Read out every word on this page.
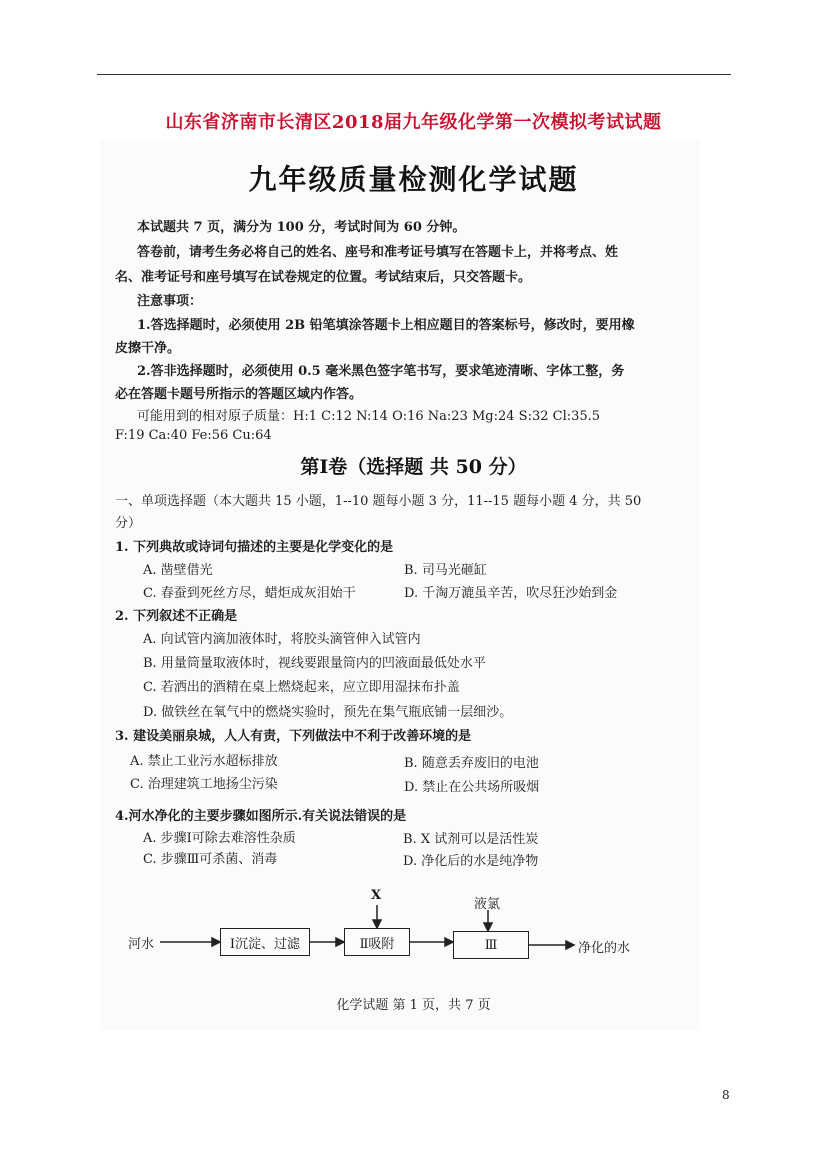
山东省济南市长清区2018届九年级化学第一次模拟考试试题
九年级质量检测化学试题
本试题共 7 页，满分为 100 分，考试时间为 60 分钟。
答卷前，请考生务必将自己的姓名、座号和准考证号填写在答题卡上，并将考点、姓
名、准考证号和座号填写在试卷规定的位置。考试结束后，只交答题卡。
注意事项：
1.答选择题时，必须使用 2B 铅笔填涂答题卡上相应题目的答案标号，修改时，要用橡
皮擦干净。
2.答非选择题时，必须使用 0.5 毫米黑色签字笔书写，要求笔迹清晰、字体工整，务
必在答题卡题号所指示的答题区域内作答。
可能用到的相对原子质量：H:1 C:12 N:14 O:16 Na:23 Mg:24 S:32 Cl:35.5
F:19 Ca:40 Fe:56 Cu:64
第Ⅰ卷（选择题 共 50 分）
一、单项选择题（本大题共 15 小题，1--10 题每小题 3 分，11--15 题每小题 4 分，共 50
分）
1. 下列典故或诗词句描述的主要是化学变化的是
A. 凿壁借光	B. 司马光砸缸
C. 春蚕到死丝方尽，蜡炬成灰泪始干	D. 千淘万漉虽辛苦，吹尽狂沙始到金
2. 下列叙述不正确是
A. 向试管内滴加液体时，将胶头滴管伸入试管内
B. 用量筒量取液体时，视线要跟量筒内的凹液面最低处水平
C. 若洒出的酒精在桌上燃烧起来，应立即用湿抹布扑盖
D. 做铁丝在氧气中的燃烧实验时，预先在集气瓶底铺一层细沙。
3. 建设美丽泉城，人人有责，下列做法中不利于改善环境的是
A. 禁止工业污水超标排放	B. 随意丢弃废旧的电池
C. 治理建筑工地扬尘污染	D. 禁止在公共场所吸烟
4.河水净化的主要步骤如图所示.有关说法错误的是
A. 步骤Ⅰ可除去难溶性杂质	B. X 试剂可以是活性炭
C. 步骤Ⅲ可杀菌、消毒	D. 净化后的水是纯净物
Ⅰ沉淀、过滤	Ⅱ吸附	Ⅲ
河水
X
液氯
净化的水
化学试题 第 1 页，共 7 页
8
